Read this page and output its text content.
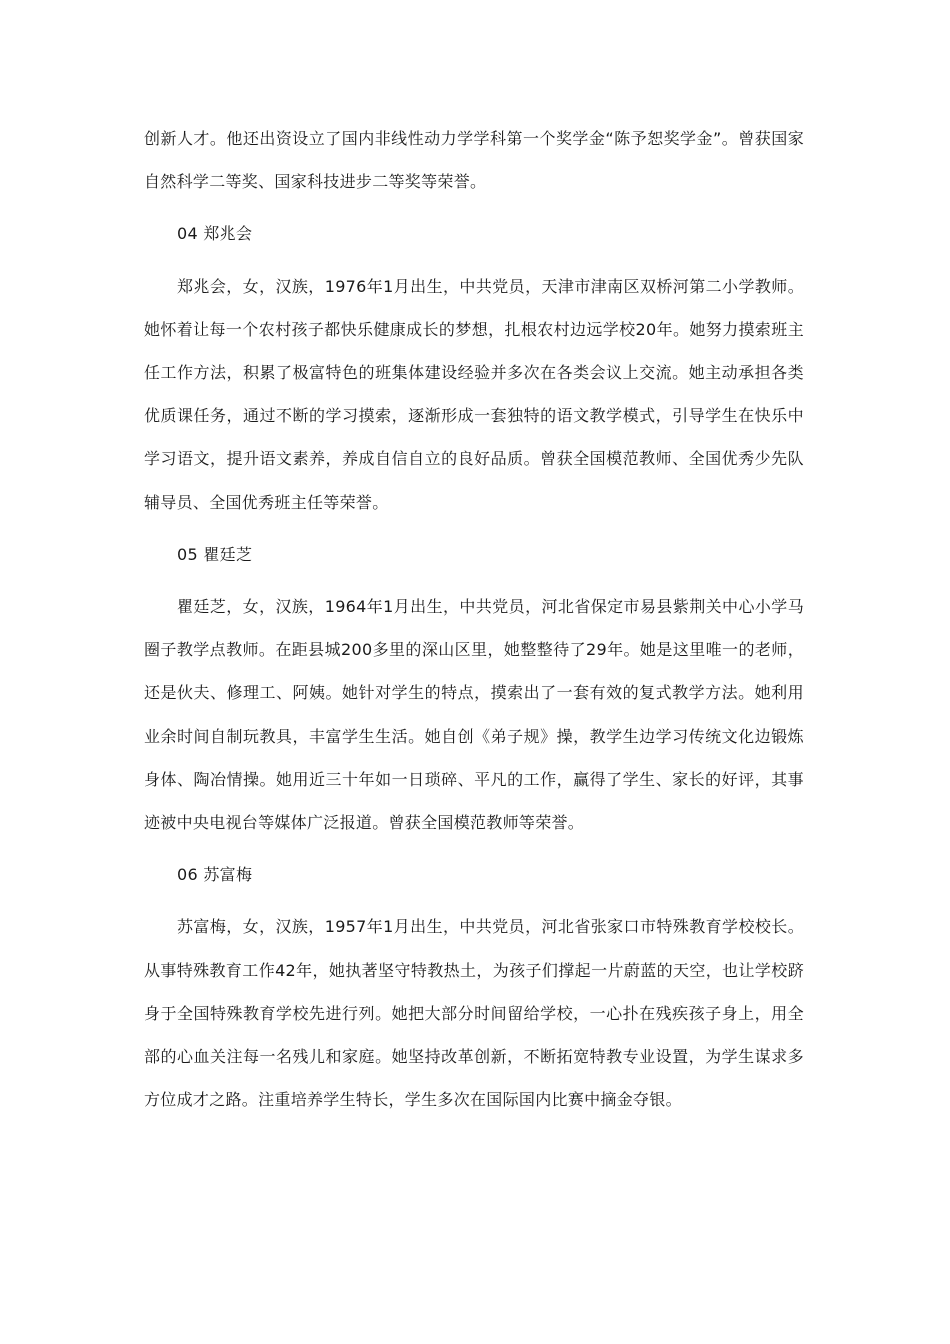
创新人才。他还出资设立了国内非线性动力学学科第一个奖学金“陈予恕奖学金”。曾获国家自然科学二等奖、国家科技进步二等奖等荣誉。

04 郑兆会

郑兆会，女，汉族，1976年1月出生，中共党员，天津市津南区双桥河第二小学教师。她怀着让每一个农村孩子都快乐健康成长的梦想，扎根农村边远学校20年。她努力摸索班主任工作方法，积累了极富特色的班集体建设经验并多次在各类会议上交流。她主动承担各类优质课任务，通过不断的学习摸索，逐渐形成一套独特的语文教学模式，引导学生在快乐中学习语文，提升语文素养，养成自信自立的良好品质。曾获全国模范教师、全国优秀少先队辅导员、全国优秀班主任等荣誉。

05 瞿廷芝

瞿廷芝，女，汉族，1964年1月出生，中共党员，河北省保定市易县紫荆关中心小学马圈子教学点教师。在距县城200多里的深山区里，她整整待了29年。她是这里唯一的老师，还是伙夫、修理工、阿姨。她针对学生的特点，摸索出了一套有效的复式教学方法。她利用业余时间自制玩教具，丰富学生生活。她自创《弟子规》操，教学生边学习传统文化边锻炼身体、陶冶情操。她用近三十年如一日琐碎、平凡的工作，赢得了学生、家长的好评，其事迹被中央电视台等媒体广泛报道。曾获全国模范教师等荣誉。

06 苏富梅

苏富梅，女，汉族，1957年1月出生，中共党员，河北省张家口市特殊教育学校校长。从事特殊教育工作42年，她执著坚守特教热土，为孩子们撑起一片蔚蓝的天空，也让学校跻身于全国特殊教育学校先进行列。她把大部分时间留给学校，一心扑在残疾孩子身上，用全部的心血关注每一名残儿和家庭。她坚持改革创新，不断拓宽特教专业设置，为学生谋求多方位成才之路。注重培养学生特长，学生多次在国际国内比赛中摘金夺银。
